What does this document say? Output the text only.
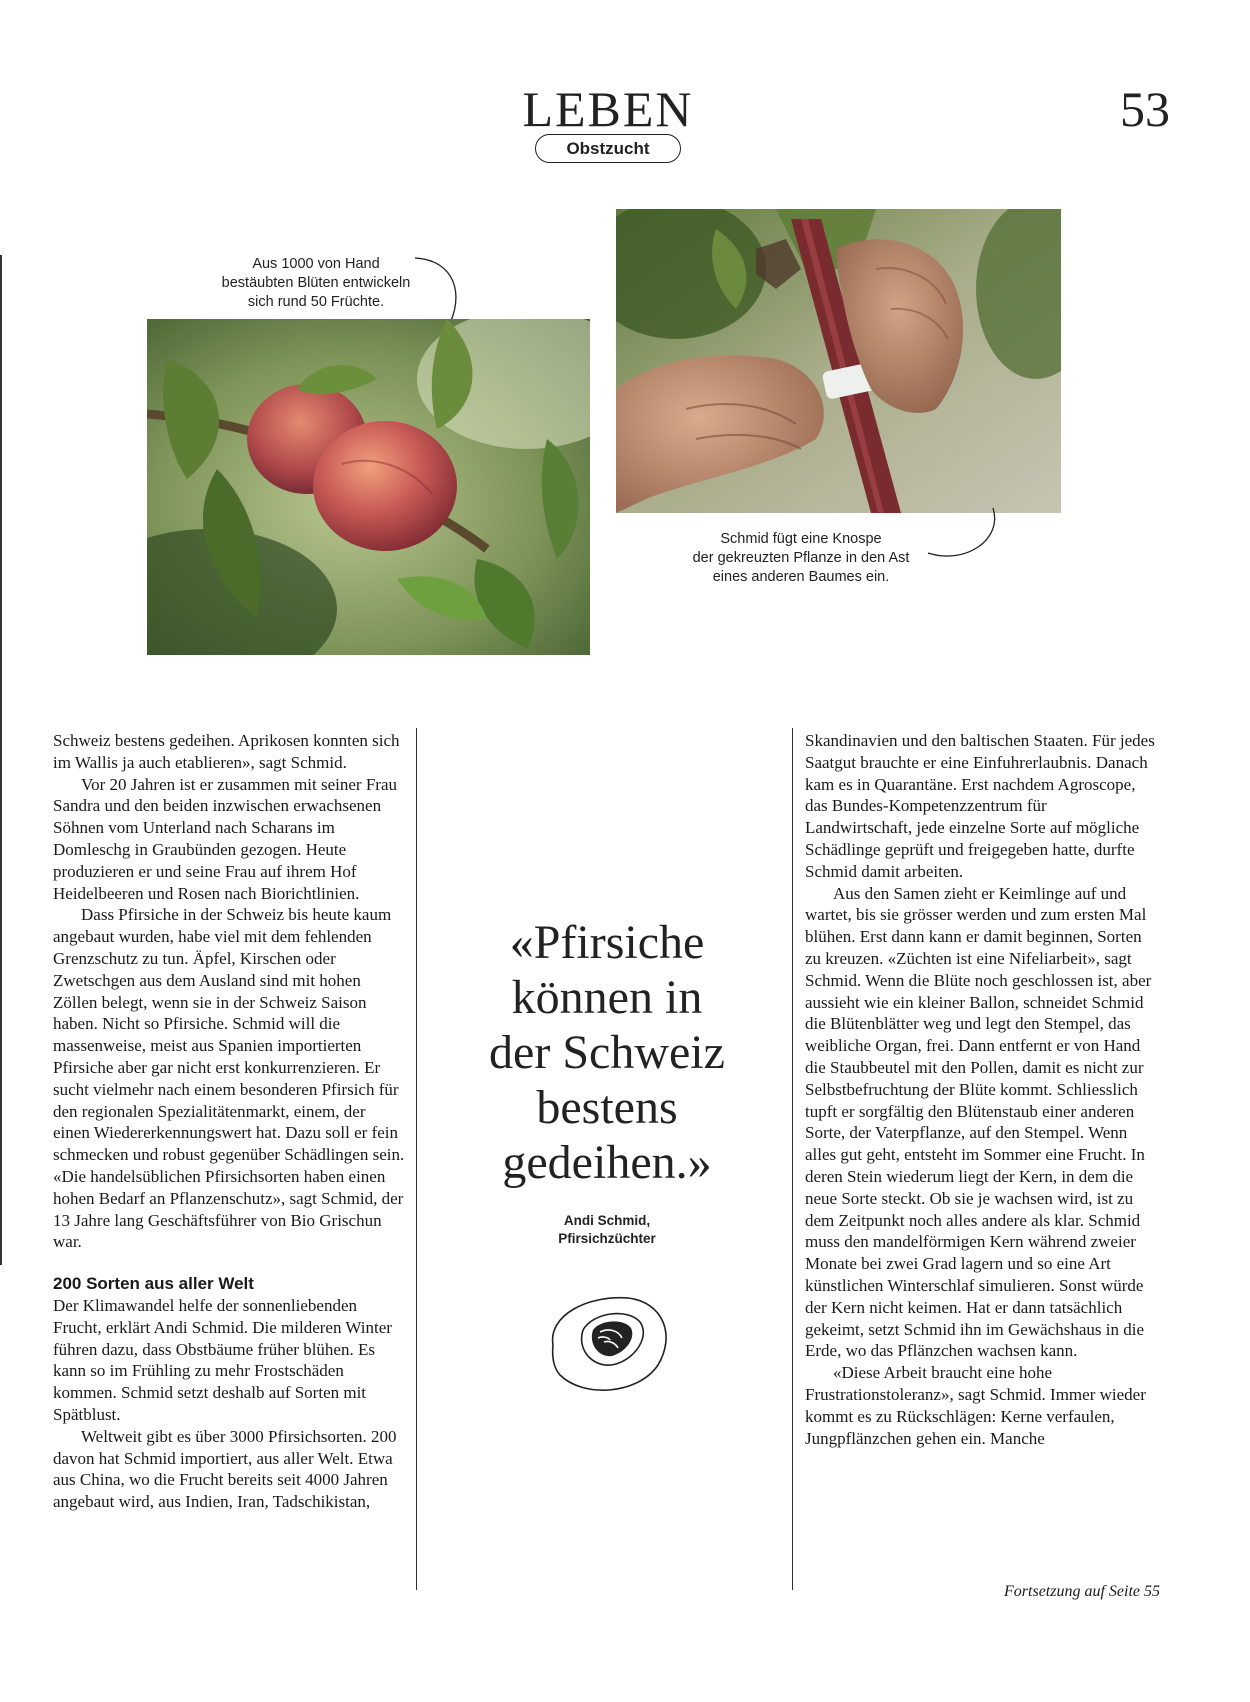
LEBEN
Obstzucht
53
Aus 1000 von Hand
bestäubten Blüten entwickeln
sich rund 50 Früchte.
Schmid fügt eine Knospe
der gekreuzten Pflanze in den Ast
eines anderen Baumes ein.

Schweiz bestens gedeihen. Aprikosen konnten sich im Wallis ja auch etablieren», sagt Schmid.

Vor 20 Jahren ist er zusammen mit seiner Frau Sandra und den beiden inzwischen erwachsenen Söhnen vom Unterland nach Scharans im Domleschg in Graubünden gezogen. Heute produzieren er und seine Frau auf ihrem Hof Heidelbeeren und Rosen nach Biorichtlinien.

Dass Pfirsiche in der Schweiz bis heute kaum angebaut wurden, habe viel mit dem fehlenden Grenzschutz zu tun. Äpfel, Kirschen oder Zwetschgen aus dem Ausland sind mit hohen Zöllen belegt, wenn sie in der Schweiz Saison haben. Nicht so Pfirsiche. Schmid will die massenweise, meist aus Spanien importierten Pfirsiche aber gar nicht erst konkurrenzieren. Er sucht vielmehr nach einem besonderen Pfirsich für den regionalen Spezialitätenmarkt, einem, der einen Wiedererkennungswert hat. Dazu soll er fein schmecken und robust gegenüber Schädlingen sein. «Die handelsüblichen Pfirsichsorten haben einen hohen Bedarf an Pflanzenschutz», sagt Schmid, der 13 Jahre lang Geschäftsführer von Bio Grischun war.

200 Sorten aus aller Welt

Der Klimawandel helfe der sonnenliebenden Frucht, erklärt Andi Schmid. Die milderen Winter führen dazu, dass Obstbäume früher blühen. Es kann so im Frühling zu mehr Frostschäden kommen. Schmid setzt deshalb auf Sorten mit Spätblust.

Weltweit gibt es über 3000 Pfirsichsorten. 200 davon hat Schmid importiert, aus aller Welt. Etwa aus China, wo die Frucht bereits seit 4000 Jahren angebaut wird, aus Indien, Iran, Tadschikistan,

«Pfirsiche können in der Schweiz bestens gedeihen.»
Andi Schmid,
Pfirsichzüchter

Skandinavien und den baltischen Staaten. Für jedes Saatgut brauchte er eine Einfuhrerlaubnis. Danach kam es in Quarantäne. Erst nachdem Agroscope, das Bundes-Kompetenzzentrum für Landwirtschaft, jede einzelne Sorte auf mögliche Schädlinge geprüft und freigegeben hatte, durfte Schmid damit arbeiten.

Aus den Samen zieht er Keimlinge auf und wartet, bis sie grösser werden und zum ersten Mal blühen. Erst dann kann er damit beginnen, Sorten zu kreuzen. «Züchten ist eine Nifeliarbeit», sagt Schmid. Wenn die Blüte noch geschlossen ist, aber aussieht wie ein kleiner Ballon, schneidet Schmid die Blütenblätter weg und legt den Stempel, das weibliche Organ, frei. Dann entfernt er von Hand die Staubbeutel mit den Pollen, damit es nicht zur Selbstbefruchtung der Blüte kommt. Schliesslich tupft er sorgfältig den Blütenstaub einer anderen Sorte, der Vaterpflanze, auf den Stempel. Wenn alles gut geht, entsteht im Sommer eine Frucht. In deren Stein wiederum liegt der Kern, in dem die neue Sorte steckt. Ob sie je wachsen wird, ist zu dem Zeitpunkt noch alles andere als klar. Schmid muss den mandelförmigen Kern während zweier Monate bei zwei Grad lagern und so eine Art künstlichen Winterschlaf simulieren. Sonst würde der Kern nicht keimen. Hat er dann tatsächlich gekeimt, setzt Schmid ihn im Gewächshaus in die Erde, wo das Pflänzchen wachsen kann.

«Diese Arbeit braucht eine hohe Frustrationstoleranz», sagt Schmid. Immer wieder kommt es zu Rückschlägen: Kerne verfaulen, Jungpflänzchen gehen ein. Manche

Fortsetzung auf Seite 55
